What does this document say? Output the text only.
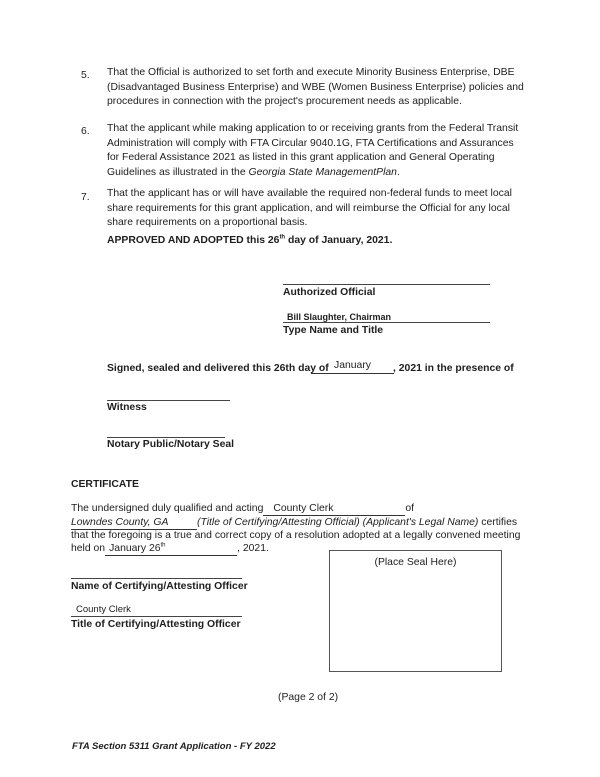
5. That the Official is authorized to set forth and execute Minority Business Enterprise, DBE (Disadvantaged Business Enterprise) and WBE (Women Business Enterprise) policies and procedures in connection with the project's procurement needs as applicable.
6. That the applicant while making application to or receiving grants from the Federal Transit Administration will comply with FTA Circular 9040.1G, FTA Certifications and Assurances for Federal Assistance 2021 as listed in this grant application and General Operating Guidelines as illustrated in the Georgia State ManagementPlan.
7. That the applicant has or will have available the required non-federal funds to meet local share requirements for this grant application, and will reimburse the Official for any local share requirements on a proportional basis.
APPROVED AND ADOPTED this 26th day of January, 2021.
Authorized Official
Bill Slaughter, Chairman
Type Name and Title
Signed, sealed and delivered this 26th day of January	, 2021 in the presence of
Witness
Notary Public/Notary Seal
CERTIFICATE
The undersigned duly qualified and acting County Clerk	of
Lowndes County, GA	(Title of Certifying/Attesting Official) (Applicant's Legal Name) certifies
that the foregoing is a true and correct copy of a resolution adopted at a legally convened meeting
held on January 26th	, 2021.
Name of Certifying/Attesting Officer
County Clerk
Title of Certifying/Attesting Officer
(Place Seal Here)
(Page 2 of 2)
FTA Section 5311 Grant Application - FY 2022
